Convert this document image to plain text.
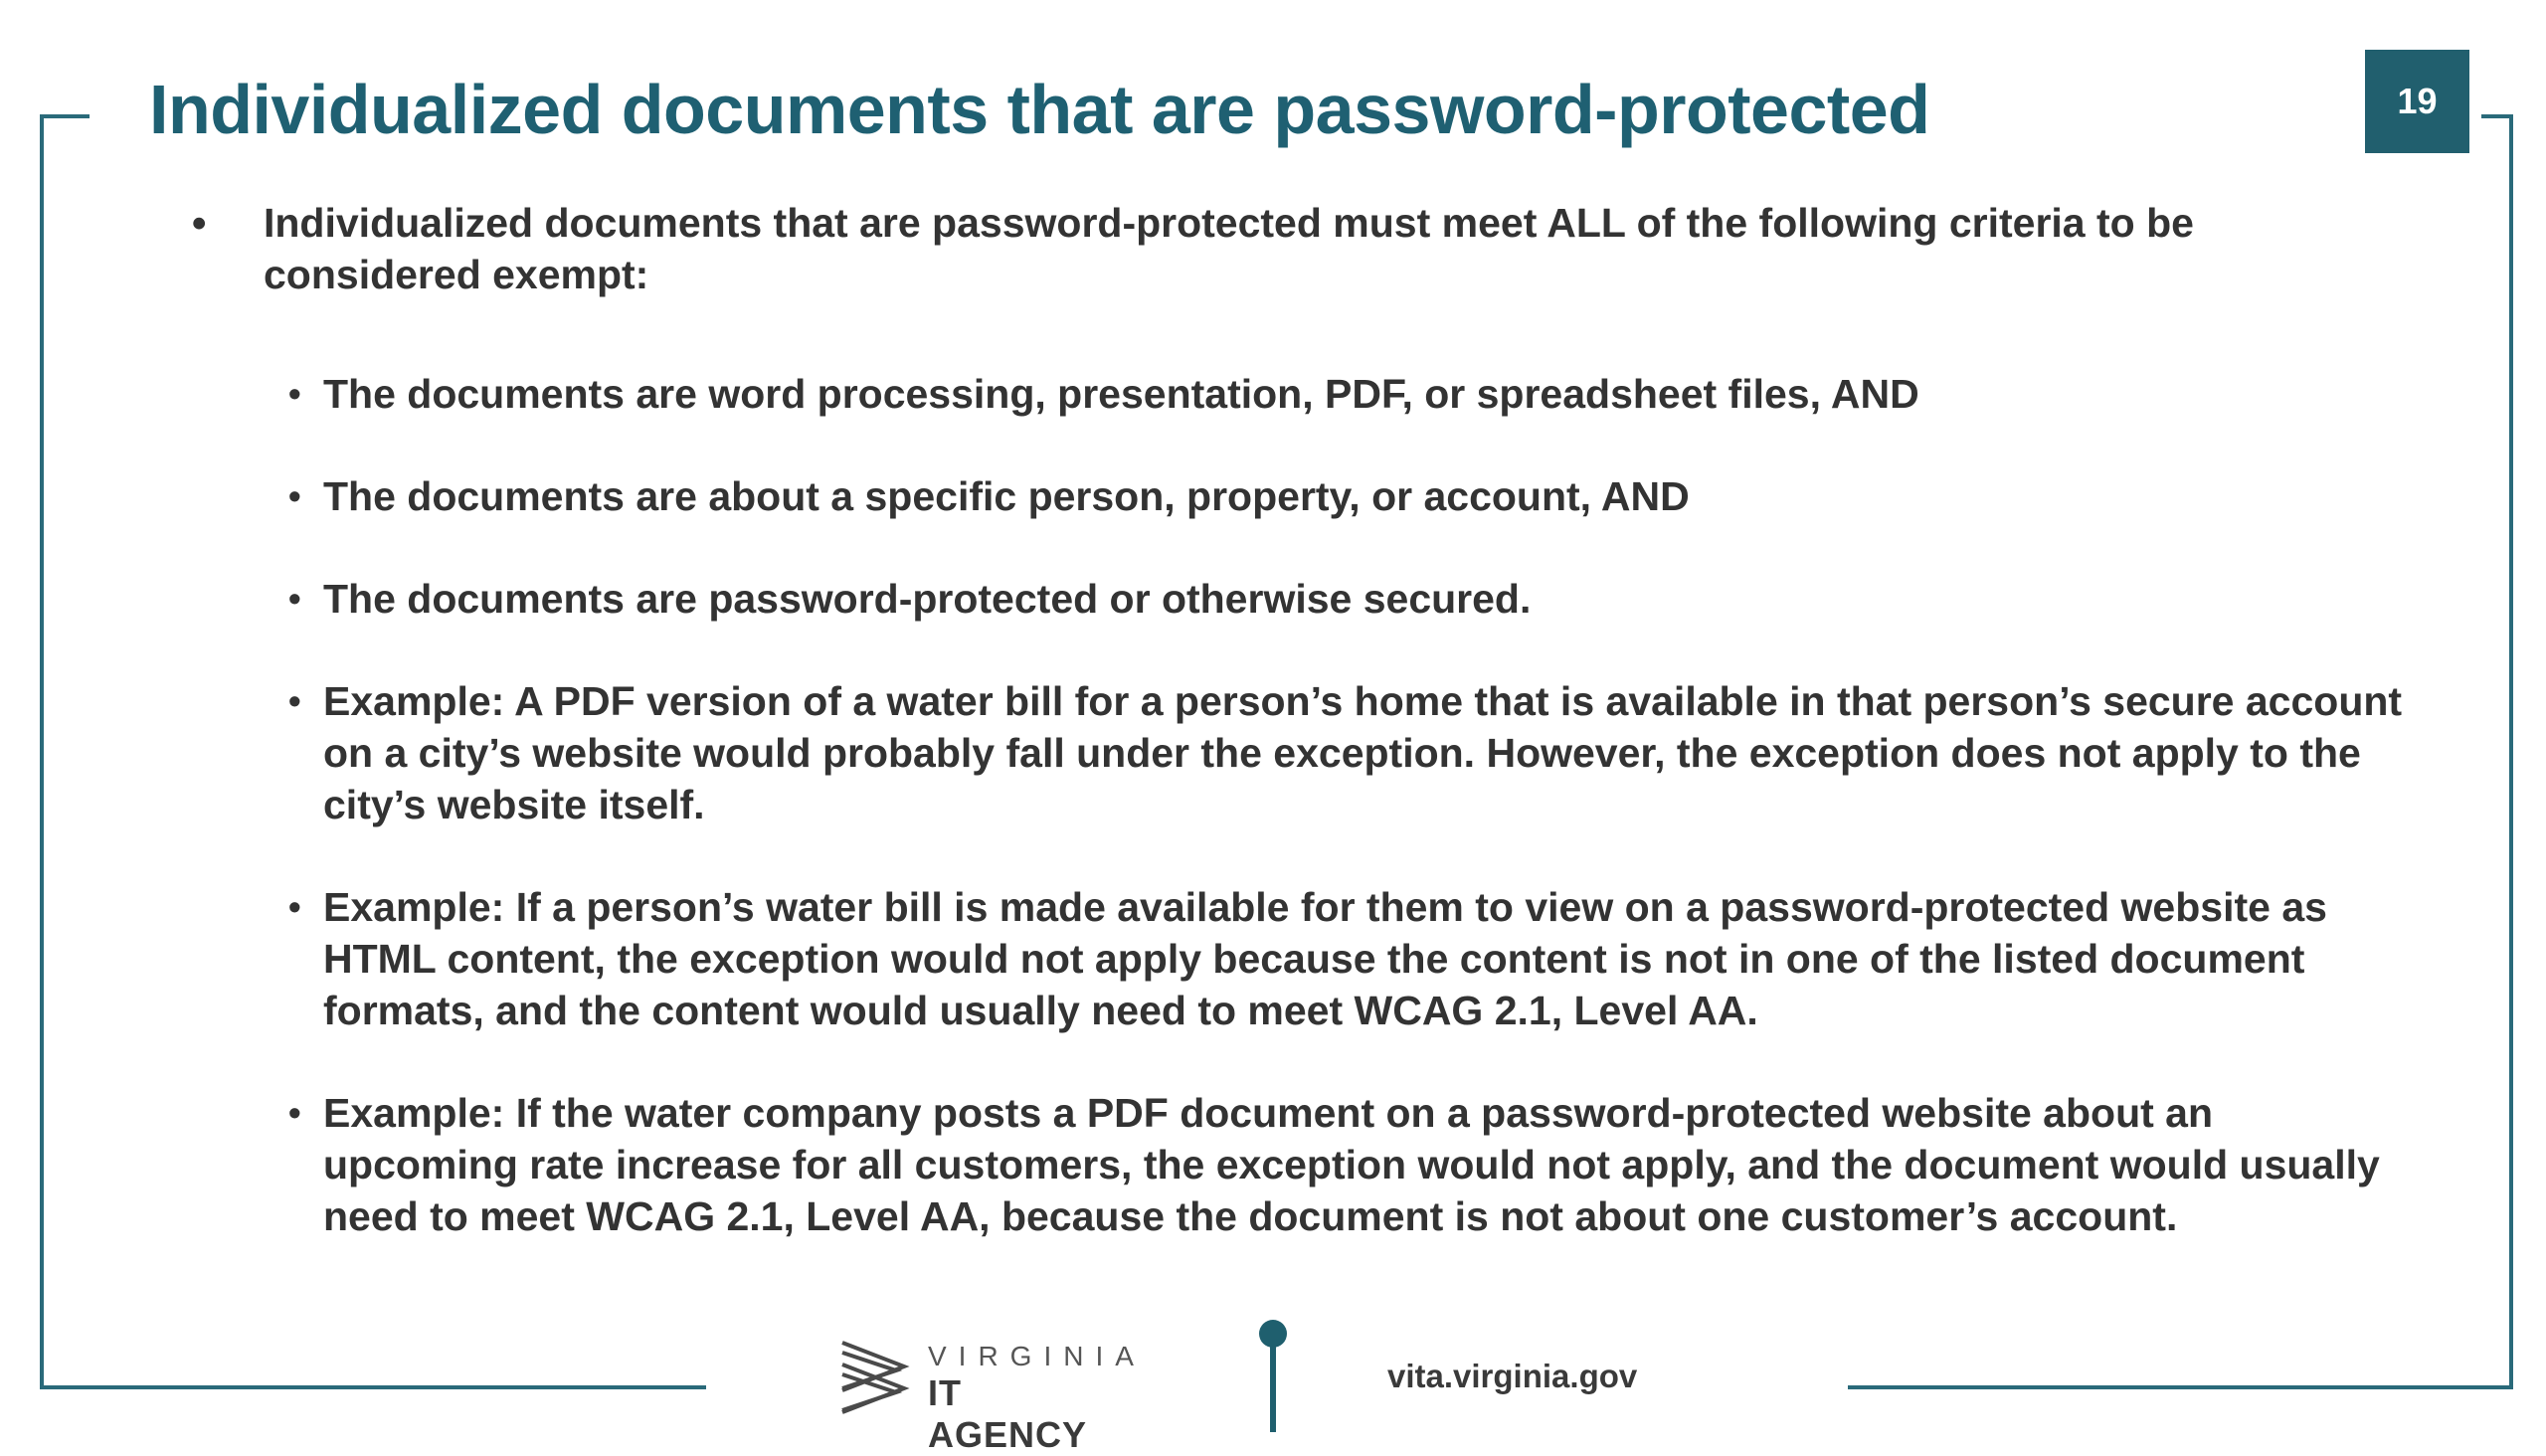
19
Individualized documents that are password-protected

• Individualized documents that are password-protected must meet ALL of the following criteria to be considered exempt:

• The documents are word processing, presentation, PDF, or spreadsheet files, AND
• The documents are about a specific person, property, or account, AND
• The documents are password-protected or otherwise secured.
• Example: A PDF version of a water bill for a person’s home that is available in that person’s secure account on a city’s website would probably fall under the exception. However, the exception does not apply to the city’s website itself.
• Example: If a person’s water bill is made available for them to view on a password-protected website as HTML content, the exception would not apply because the content is not in one of the listed document formats, and the content would usually need to meet WCAG 2.1, Level AA.
• Example: If the water company posts a PDF document on a password-protected website about an upcoming rate increase for all customers, the exception would not apply, and the document would usually need to meet WCAG 2.1, Level AA, because the document is not about one customer’s account.
VIRGINIA
IT AGENCY
vita.virginia.gov
